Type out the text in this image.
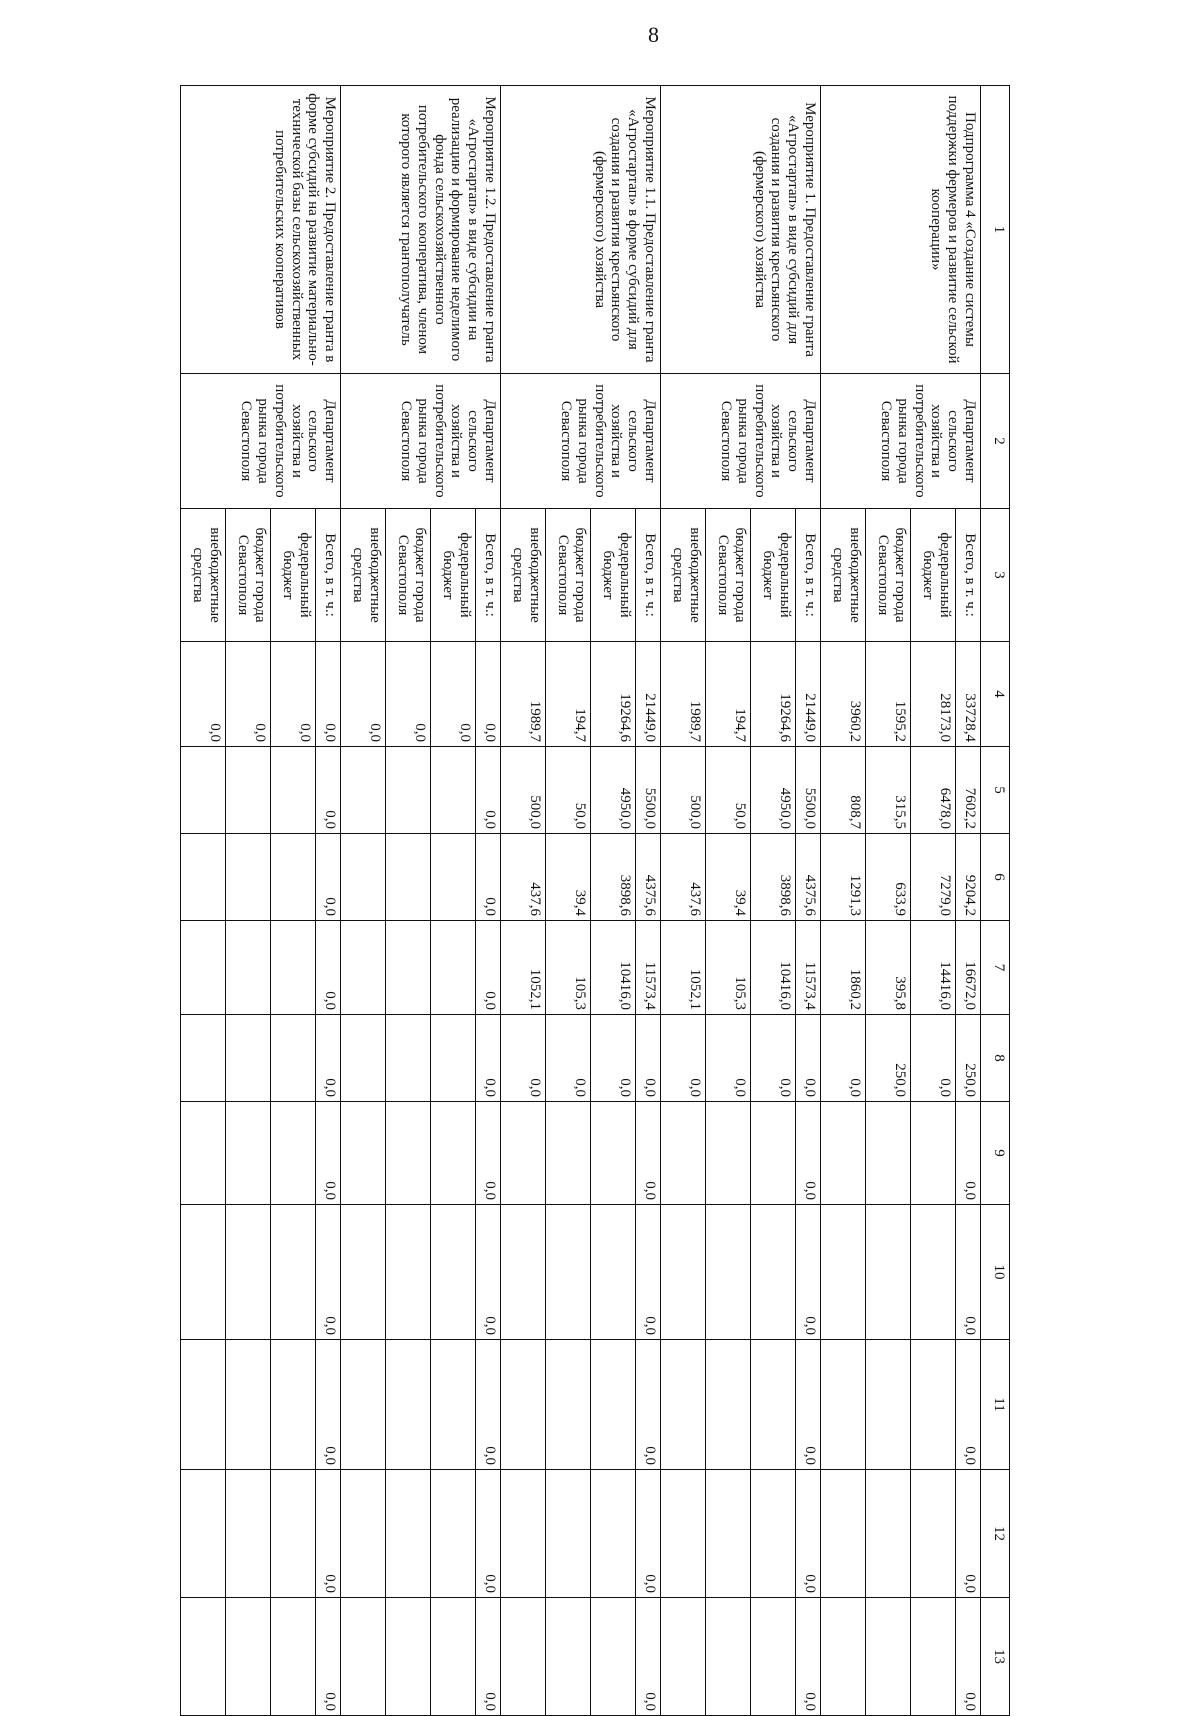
8
1	2	3	4	5	6	7	8	9	10	11	12	13
Подпрограмма 4 «Создание системы поддержки фермеров и развитие сельской кооперации»	Департамент сельского хозяйства и потребительского рынка города Севастополя	Всего, в т. ч.:	33728,4	7602,2	9204,2	16672,0	250,0	0,0	0,0	0,0	0,0	0,0
		федеральный бюджет	28173,0	6478,0	7279,0	14416,0	0,0					
		бюджет города Севастополя	1595,2	315,5	633,9	395,8	250,0					
		внебюджетные средства	3960,2	808,7	1291,3	1860,2	0,0					
Мероприятие 1. Предоставление гранта «Агростартап» в виде субсидий для создания и развития крестьянского (фермерского) хозяйства	Департамент сельского хозяйства и потребительского рынка города Севастополя	Всего, в т. ч.:	21449,0	5500,0	4375,6	11573,4	0,0	0,0	0,0	0,0	0,0	0,0
		федеральный бюджет	19264,6	4950,0	3898,6	10416,0	0,0					
		бюджет города Севастополя	194,7	50,0	39,4	105,3	0,0					
		внебюджетные средства	1989,7	500,0	437,6	1052,1	0,0					
Мероприятие 1.1. Предоставление гранта «Агростартап» в форме субсидий для создания и развития крестьянского (фермерского) хозяйства	Департамент сельского хозяйства и потребительского рынка города Севастополя	Всего, в т. ч.:	21449,0	5500,0	4375,6	11573,4	0,0	0,0	0,0	0,0	0,0	0,0
		федеральный бюджет	19264,6	4950,0	3898,6	10416,0	0,0					
		бюджет города Севастополя	194,7	50,0	39,4	105,3	0,0					
		внебюджетные средства	1989,7	500,0	437,6	1052,1	0,0					
Мероприятие 1.2. Предоставление гранта «Агростартап» в виде субсидии на реализацию и формирование неделимого фонда сельскохозяйственного потребительского кооператива, членом которого является грантополучатель	Департамент сельского хозяйства и потребительского рынка города Севастополя	Всего, в т. ч.:	0,0	0,0	0,0	0,0	0,0	0,0	0,0	0,0	0,0	0,0
		федеральный бюджет	0,0									
		бюджет города Севастополя	0,0									
		внебюджетные средства	0,0									
Мероприятие 2. Предоставление гранта в форме субсидий на развитие материально-технической базы сельскохозяйственных потребительских кооперативов	Департамент сельского хозяйства и потребительского рынка города Севастополя	Всего, в т. ч.:	0,0	0,0	0,0	0,0	0,0	0,0	0,0	0,0	0,0	0,0
		федеральный бюджет	0,0									
		бюджет города Севастополя	0,0									
		внебюджетные средства	0,0									
